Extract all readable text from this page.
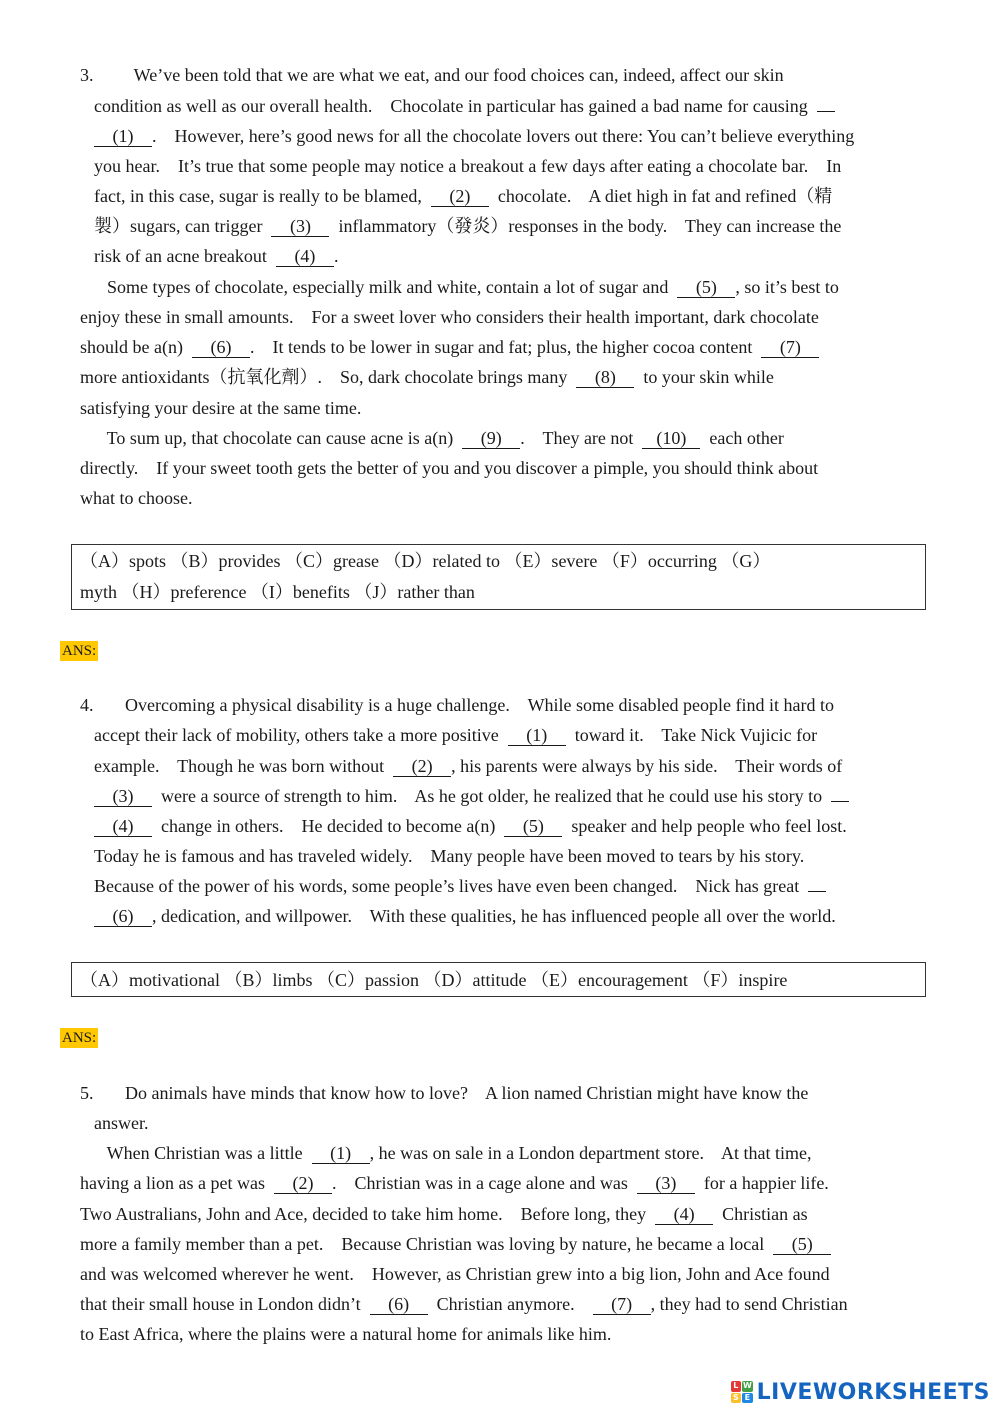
3.         We’ve been told that we are what we eat, and our food choices can, indeed, affect our skin
condition as well as our overall health.    Chocolate in particular has gained a bad name for causing
(1) .    However, here’s good news for all the chocolate lovers out there: You can’t believe everything
you hear.    It’s true that some people may notice a breakout a few days after eating a chocolate bar.    In
fact, in this case, sugar is really to be blamed,  (2)  chocolate.    A diet high in fat and refined（精
製）sugars, can trigger  (3)  inflammatory（發炎）responses in the body.    They can increase the
risk of an acne breakout  (4) .
Some types of chocolate, especially milk and white, contain a lot of sugar and  (5) , so it’s best to
enjoy these in small amounts.    For a sweet lover who considers their health important, dark chocolate
should be a(n)  (6) .    It tends to be lower in sugar and fat; plus, the higher cocoa content  (7)
more antioxidants（抗氧化劑）.    So, dark chocolate brings many  (8)  to your skin while
satisfying your desire at the same time.
To sum up, that chocolate can cause acne is a(n)  (9) .    They are not  (10)  each other
directly.    If your sweet tooth gets the better of you and you discover a pimple, you should think about
what to choose.
（A）spots （B）provides （C）grease （D）related to （E）severe （F）occurring （G）
myth （H）preference （I）benefits （J）rather than
ANS:
4.       Overcoming a physical disability is a huge challenge.    While some disabled people find it hard to
accept their lack of mobility, others take a more positive  (1)  toward it.    Take Nick Vujicic for
example.    Though he was born without  (2) , his parents were always by his side.    Their words of
(3)  were a source of strength to him.    As he got older, he realized that he could use his story to
(4)  change in others.    He decided to become a(n)  (5)  speaker and help people who feel lost.
Today he is famous and has traveled widely.    Many people have been moved to tears by his story.
Because of the power of his words, some people’s lives have even been changed.    Nick has great
(6) , dedication, and willpower.    With these qualities, he has influenced people all over the world.
（A）motivational （B）limbs （C）passion （D）attitude （E）encouragement （F）inspire
ANS:
5.       Do animals have minds that know how to love?    A lion named Christian might have know the
answer.
When Christian was a little  (1) , he was on sale in a London department store.    At that time,
having a lion as a pet was  (2) .    Christian was in a cage alone and was  (3)  for a happier life.
Two Australians, John and Ace, decided to take him home.    Before long, they  (4)  Christian as
more a family member than a pet.    Because Christian was loving by nature, he became a local  (5)
and was welcomed wherever he went.    However, as Christian grew into a big lion, John and Ace found
that their small house in London didn’t  (6)  Christian anymore.    (7) , they had to send Christian
to East Africa, where the plains were a natural home for animals like him.
L W
S E LIVEWORKSHEETS
